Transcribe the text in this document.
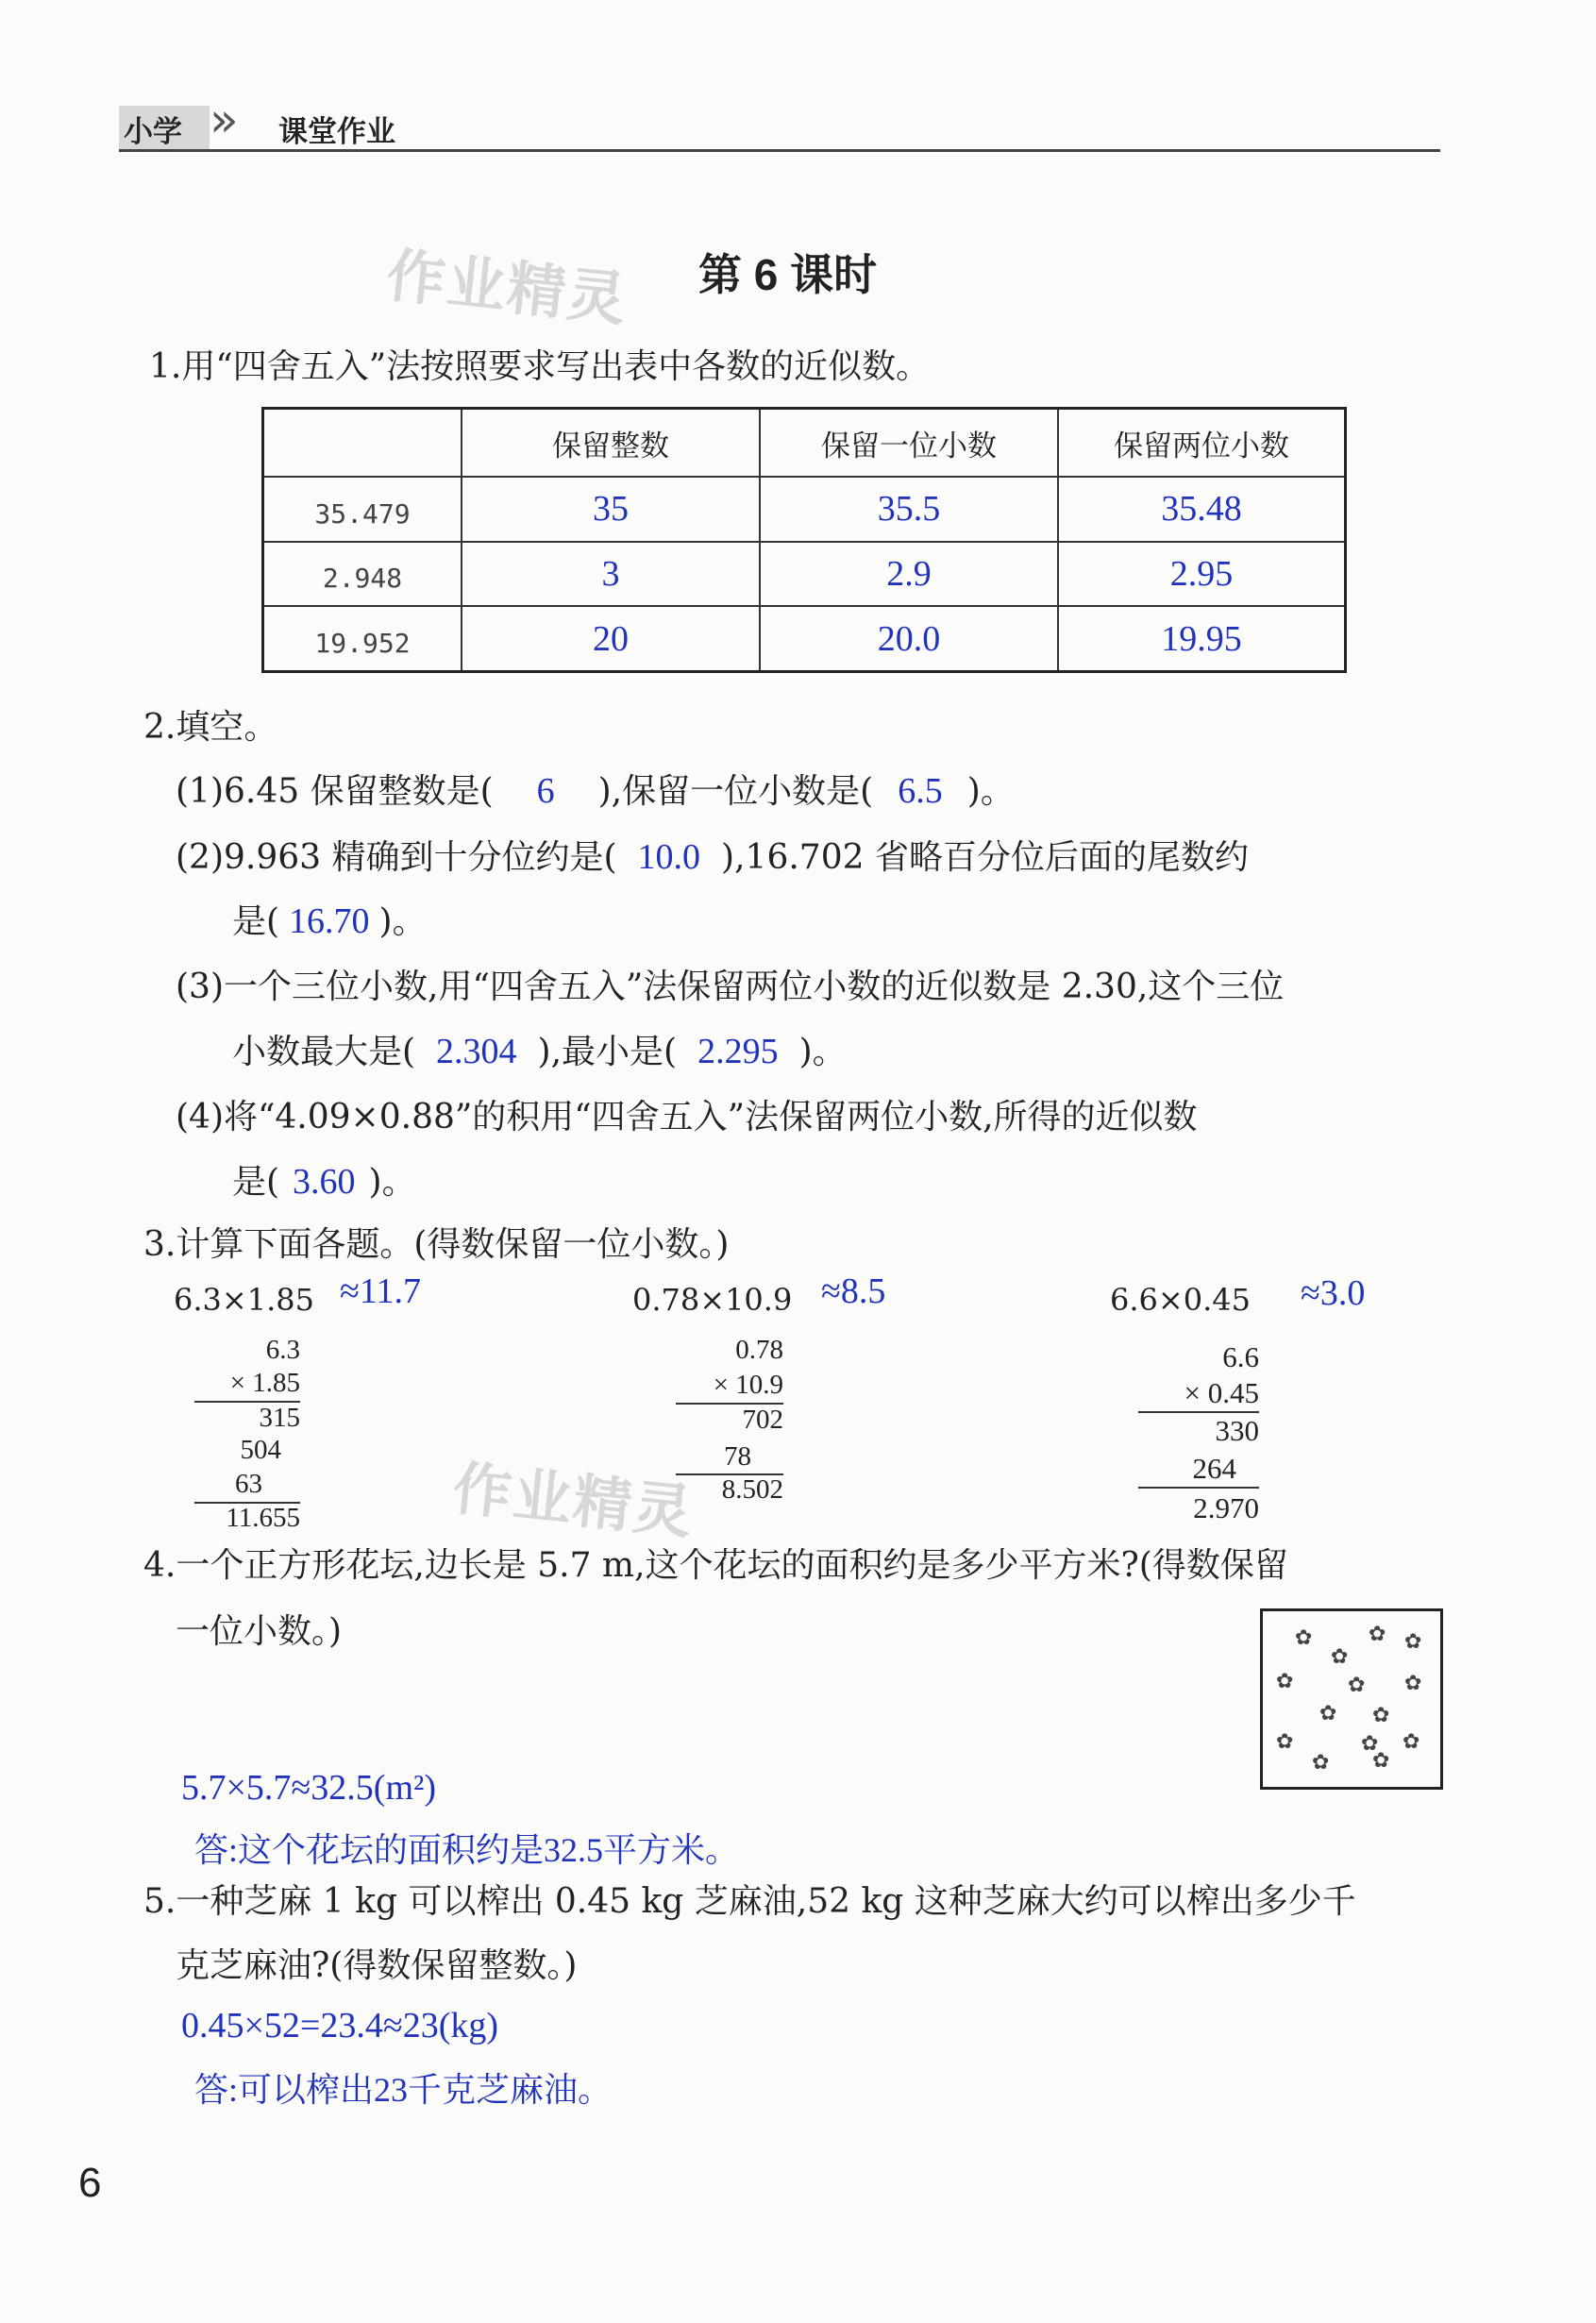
小学 » 课堂作业
作业精灵 第 6 课时
1.用“四舍五入”法按照要求写出表中各数的近似数。
	保留整数	保留一位小数	保留两位小数
35.479	35	35.5	35.48
2.948	3	2.9	2.95
19.952	20	20.0	19.95
2.填空。
(1)6.45 保留整数是( 6 ),保留一位小数是( 6.5 )。
(2)9.963 精确到十分位约是( 10.0 ),16.702 省略百分位后面的尾数约
是( 16.70 )。
(3)一个三位小数,用“四舍五入”法保留两位小数的近似数是 2.30,这个三位
小数最大是( 2.304 ),最小是( 2.295 )。
(4)将“4.09×0.88”的积用“四舍五入”法保留两位小数,所得的近似数
是( 3.60 )。
3.计算下面各题。(得数保留一位小数。)
6.3×1.85 ≈11.7
6.3
× 1.85
315
504
63
11.655
0.78×10.9 ≈8.5
0.78
× 10.9
702
78
8.502
6.6×0.45 ≈3.0
6.6
× 0.45
330
264
2.970
作业精灵
4.一个正方形花坛,边长是 5.7 m,这个花坛的面积约是多少平方米?(得数保留
一位小数。)	✿	✿
✿
✿
✿	✿ ✿
✿ ✿
✿	✿ ✿
✿ ✿
5.7×5.7≈32.5(m²)
答:这个花坛的面积约是32.5平方米。
5.一种芝麻 1 kg 可以榨出 0.45 kg 芝麻油,52 kg 这种芝麻大约可以榨出多少千
克芝麻油?(得数保留整数。)
0.45×52=23.4≈23(kg)
答:可以榨出23千克芝麻油。
6
